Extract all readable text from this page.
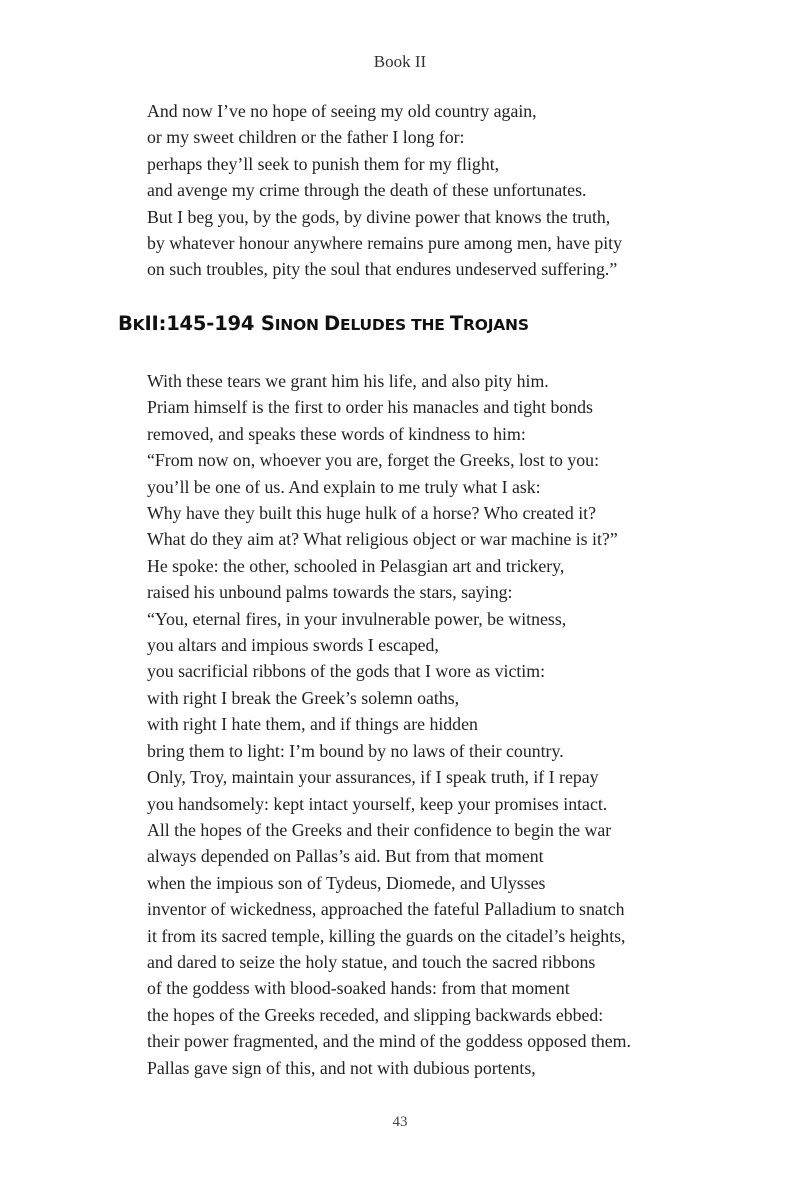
Book II
And now I’ve no hope of seeing my old country again,
or my sweet children or the father I long for:
perhaps they’ll seek to punish them for my flight,
and avenge my crime through the death of these unfortunates.
But I beg you, by the gods, by divine power that knows the truth,
by whatever honour anywhere remains pure among men, have pity
on such troubles, pity the soul that endures undeserved suffering.”
BKII:145-194 SINON DELUDES THE TROJANS
With these tears we grant him his life, and also pity him.
Priam himself is the first to order his manacles and tight bonds
removed, and speaks these words of kindness to him:
“From now on, whoever you are, forget the Greeks, lost to you:
you’ll be one of us. And explain to me truly what I ask:
Why have they built this huge hulk of a horse? Who created it?
What do they aim at? What religious object or war machine is it?”
He spoke: the other, schooled in Pelasgian art and trickery,
raised his unbound palms towards the stars, saying:
“You, eternal fires, in your invulnerable power, be witness,
you altars and impious swords I escaped,
you sacrificial ribbons of the gods that I wore as victim:
with right I break the Greek’s solemn oaths,
with right I hate them, and if things are hidden
bring them to light: I’m bound by no laws of their country.
Only, Troy, maintain your assurances, if I speak truth, if I repay
you handsomely: kept intact yourself, keep your promises intact.
All the hopes of the Greeks and their confidence to begin the war
always depended on Pallas’s aid. But from that moment
when the impious son of Tydeus, Diomede, and Ulysses
inventor of wickedness, approached the fateful Palladium to snatch
it from its sacred temple, killing the guards on the citadel’s heights,
and dared to seize the holy statue, and touch the sacred ribbons
of the goddess with blood-soaked hands: from that moment
the hopes of the Greeks receded, and slipping backwards ebbed:
their power fragmented, and the mind of the goddess opposed them.
Pallas gave sign of this, and not with dubious portents,
43
